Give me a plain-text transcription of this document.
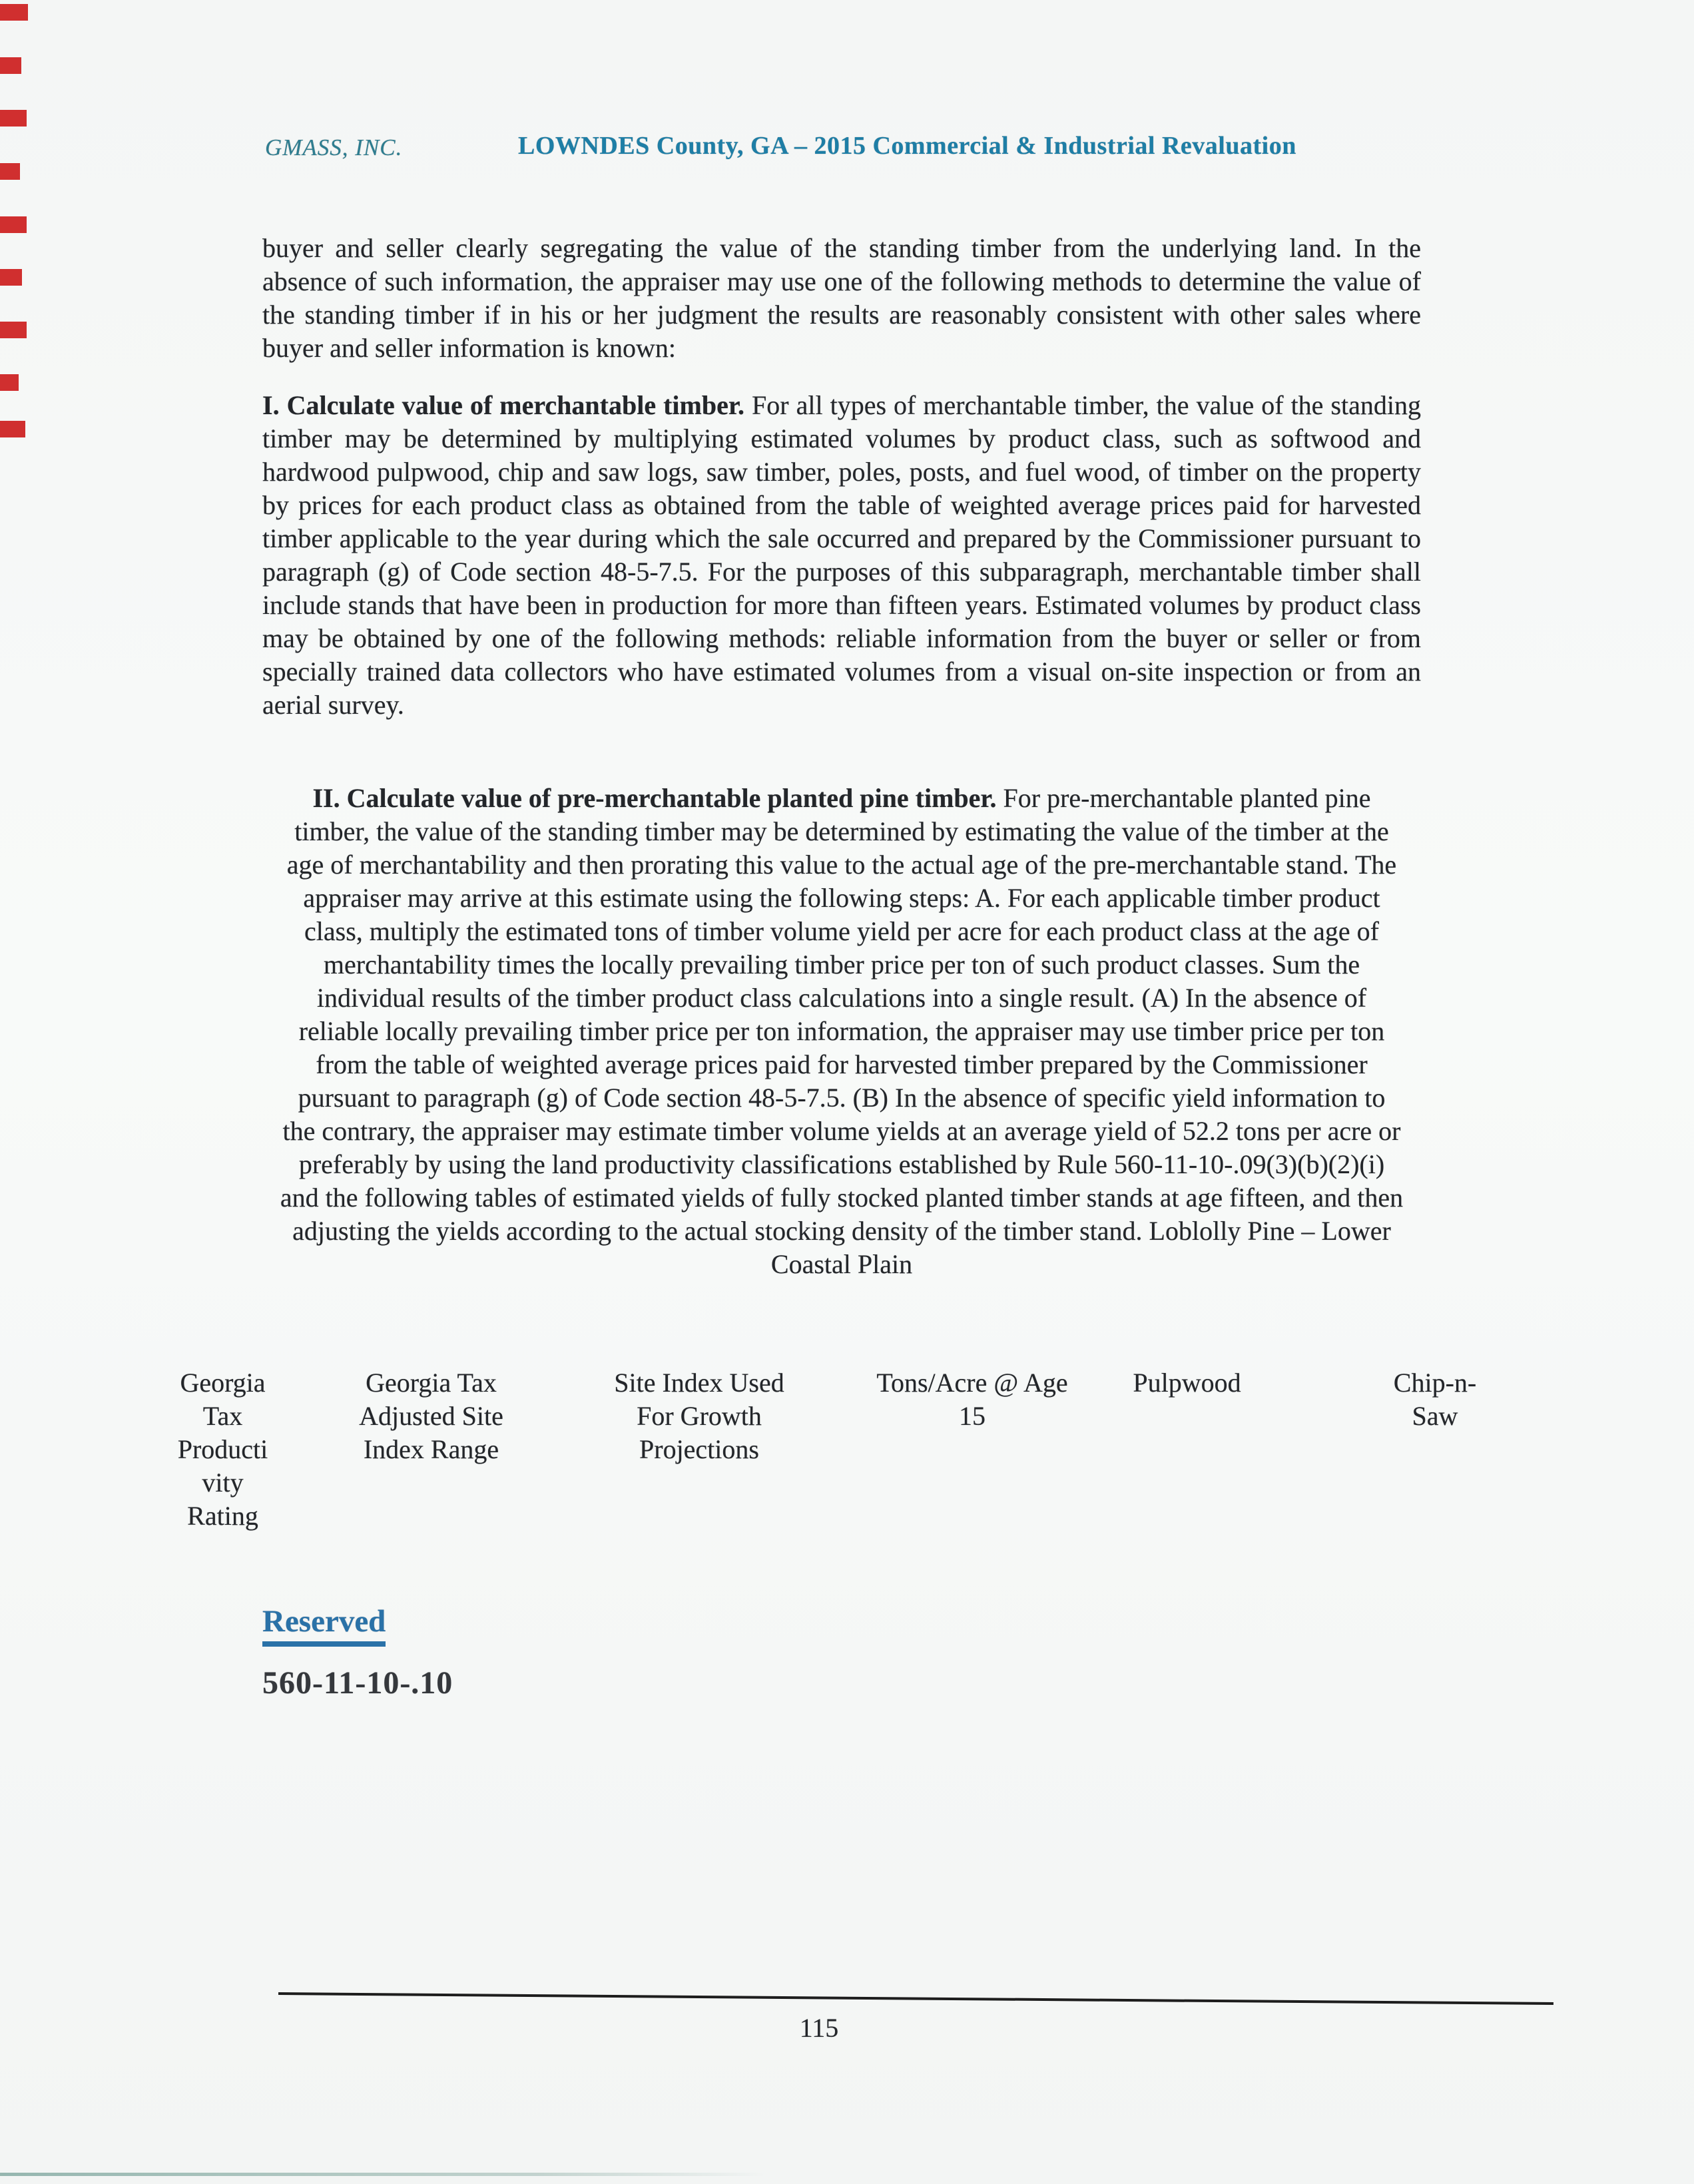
GMASS, INC.	LOWNDES County, GA – 2015 Commercial & Industrial Revaluation

buyer and seller clearly segregating the value of the standing timber from the underlying land. In the absence of such information, the appraiser may use one of the following methods to determine the value of the standing timber if in his or her judgment the results are reasonably consistent with other sales where buyer and seller information is known:

I. Calculate value of merchantable timber. For all types of merchantable timber, the value of the standing timber may be determined by multiplying estimated volumes by product class, such as softwood and hardwood pulpwood, chip and saw logs, saw timber, poles, posts, and fuel wood, of timber on the property by prices for each product class as obtained from the table of weighted average prices paid for harvested timber applicable to the year during which the sale occurred and prepared by the Commissioner pursuant to paragraph (g) of Code section 48-5-7.5. For the purposes of this subparagraph, merchantable timber shall include stands that have been in production for more than fifteen years. Estimated volumes by product class may be obtained by one of the following methods: reliable information from the buyer or seller or from specially trained data collectors who have estimated volumes from a visual on-site inspection or from an aerial survey.

II. Calculate value of pre-merchantable planted pine timber. For pre-merchantable planted pine timber, the value of the standing timber may be determined by estimating the value of the timber at the age of merchantability and then prorating this value to the actual age of the pre-merchantable stand. The appraiser may arrive at this estimate using the following steps: A. For each applicable timber product class, multiply the estimated tons of timber volume yield per acre for each product class at the age of merchantability times the locally prevailing timber price per ton of such product classes. Sum the individual results of the timber product class calculations into a single result. (A) In the absence of reliable locally prevailing timber price per ton information, the appraiser may use timber price per ton from the table of weighted average prices paid for harvested timber prepared by the Commissioner pursuant to paragraph (g) of Code section 48-5-7.5. (B) In the absence of specific yield information to the contrary, the appraiser may estimate timber volume yields at an average yield of 52.2 tons per acre or preferably by using the land productivity classifications established by Rule 560-11-10-.09(3)(b)(2)(i) and the following tables of estimated yields of fully stocked planted timber stands at age fifteen, and then adjusting the yields according to the actual stocking density of the timber stand. Loblolly Pine – Lower Coastal Plain

Georgia
Tax
Producti
vity
Rating
Georgia Tax
Adjusted Site
Index Range
Site Index Used
For Growth
Projections
Tons/Acre @ Age
15
Pulpwood	Chip-n-
Saw
Reserved
560-11-10-.10
115
